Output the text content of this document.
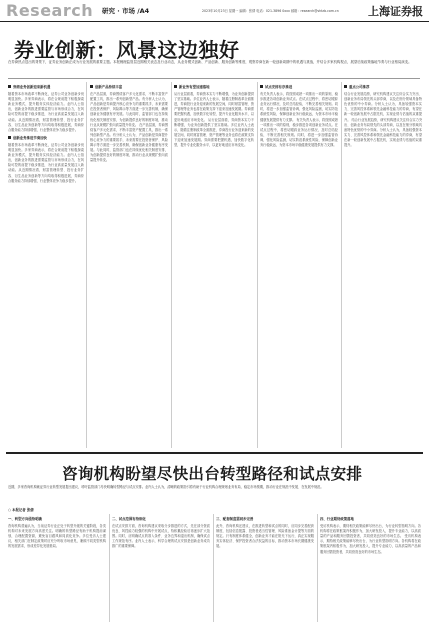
Research 研究 · 市场 /A4	2023年10月23日 星期一 编辑：张倩 电话：021-3896 0xxx 邮箱：research@shtzb.com.cn	上海证券报
券业创新：风景这边独好
在券商热点迭出的背景下，证券业务创新正成为行业发展的重要主题。本报梳理监管层近期相关表态及行业动态，从业务模式创新、产品创新、服务创新等维度，观察券商在新一轮创新周期中的机遇与挑战，并结合多家机构观点，展望后续政策落地节奏与行业格局演变。
券商业务创新迎来新机遇
随着资本市场改革不断深化，证券公司业务创新步伐明显加快。多家券商表示，将在合规前提下积极探索新业务模式，提升服务实体经济能力。业内人士指出，创新业务的推进需要监管与市场形成合力，在风险可控的前提下稳步推进，为行业高质量发展注入新动能。从近期情况看，财富管理转型、投行业务扩容、衍生品业务创新等方向均取得积极进展，券商综合服务能力持续增强，行业整体竞争力稳步提升。
创新业务推进节奏加快
随着资本市场改革不断深化，证券公司业务创新步伐明显加快。多家券商表示，将在合规前提下积极探索新业务模式，提升服务实体经济能力。业内人士指出，创新业务的推进需要监管与市场形成合力，在风险可控的前提下稳步推进，为行业高质量发展注入新动能。从近期情况看，财富管理转型、投行业务扩容、衍生品业务创新等方向均取得积极进展，券商综合服务能力持续增强，行业整体竞争力稳步提升。
创新产品持续丰富
在产品层面，券商围绕客户多元化需求，不断丰富资产配置工具，推出一系列创新型产品。有分析人士认为，产品创新是券商提升核心竞争力的重要抓手，未来需要在投资者保护、风险揭示等方面进一步完善机制，确保创新业务健康有序发展。与此同时，监管部门也在持续优化相关制度安排，为创新提供良好的制度环境，推动行业从规模扩张向质量提升转变。 在产品层面，券商围绕客户多元化需求，不断丰富资产配置工具，推出一系列创新型产品。有分析人士认为，产品创新是券商提升核心竞争力的重要抓手，未来需要在投资者保护、风险揭示等方面进一步完善机制，确保创新业务健康有序发展。与此同时，监管部门也在持续优化相关制度安排，为创新提供良好的制度环境，推动行业从规模扩张向质量提升转变。
新业务有望加速落地
从行业层面看，券商资本实力不断增强，为业务创新提供了坚实基础。多位业内人士表示，随着注册制改革全面推进，券商投行业务迎来新的发展空间，同时财富管理、资产管理等业务也将在政策支持下迎来加速发展期。券商需要把握机遇，加快数字化转型，提升专业化服务水平，以更好地适应市场变化。 从行业层面看，券商资本实力不断增强，为业务创新提供了坚实基础。多位业内人士表示，随着注册制改革全面推进，券商投行业务迎来新的发展空间，同时财富管理、资产管理等业务也将在政策支持下迎来加速发展期。券商需要把握机遇，加快数字化转型，提升专业化服务水平，以更好地适应市场变化。
试点安排有序推进
有关负责人表示，将按照成熟一项推出一项的原则，稳步推进各项创新业务试点。在试点过程中，将密切跟踪业务运行情况，及时总结经验，不断完善相关规则。同时，将进一步加强监管协调，强化风险监测，切实防范系统性风险，保障创新业务行稳致远，为资本市场平稳健康发展提供有力支撑。 有关负责人表示，将按照成熟一项推出一项的原则，稳步推进各项创新业务试点。在试点过程中，将密切跟踪业务运行情况，及时总结经验，不断完善相关规则。同时，将进一步加强监管协调，强化风险监测，切实防范系统性风险，保障创新业务行稳致远，为资本市场平稳健康发展提供有力支撑。
重点公司推荐
结合行业发展趋势，研究机构建议关注综合实力突出、创新业务布局领先的头部券商，以及在细分领域具备特色优势的中小券商。分析人士认为，具备较强资本实力、完善风控体系和领先金融科技能力的券商，有望在新一轮创新发展中占据先机，实现业绩与估值的双重提升。 结合行业发展趋势，研究机构建议关注综合实力突出、创新业务布局领先的头部券商，以及在细分领域具备特色优势的中小券商。分析人士认为，具备较强资本实力、完善风控体系和领先金融科技能力的券商，有望在新一轮创新发展中占据先机，实现业绩与估值的双重提升。
咨询机构盼望尽快出台转型路径和试点安排
近期，多家咨询机构就证券行业转型发展提出建议，呼吁监管部门尽快明确转型路径与试点安排。业内人士认为，清晰的政策指引将有助于行业机构合理规划业务布局，稳定市场预期，推动行业在规范中发展、在发展中规范。
○ 本报记者 张倩
一、转型方向亟待明确
咨询机构普遍认为，当前证券行业正处于转型升级的关键阶段，各类机构对未来发展方向高度关注。明确的转型路径有助于机构提前谋划，合理配置资源，避免盲目跟风和同质化竞争。多位受访人士建议，相关部门在制定政策时应充分听取市场意见，兼顾不同类型机构的发展需求，形成差异化发展格局。
二、试点范围有待细化
在试点安排方面，咨询机构建议采取分步推进的方式，先在部分资质优良、风控能力较强的机构中开展试点，待积累经验后再逐步扩大范围。同时，应明确试点的准入条件、业务边界和退出机制，确保试点工作规范有序。业内人士表示，科学合理的试点安排是创新业务成功推广的重要保障。
三、配套制度需同步完善
此外，咨询机构还建议，在推进转型和试点的同时，应同步完善配套制度，包括信息披露、投资者适当性管理、风险准备金计提等方面的规定。只有制度体系健全，创新业务才能在阳光下运行，真正实现服务实体经济、保护投资者合法权益的目标，推动资本市场长期健康发展。
四、行业期待政策落地
受访机构表示，期待相关政策能够尽快出台，为行业转型指明方向。各机构将在政策框架内积极作为，加大研发投入，提升专业能力，以高质量的产品和服务回馈投资者，共同营造良好的市场生态。 受访机构表示，期待相关政策能够尽快出台，为行业转型指明方向。各机构将在政策框架内积极作为，加大研发投入，提升专业能力，以高质量的产品和服务回馈投资者，共同营造良好的市场生态。
